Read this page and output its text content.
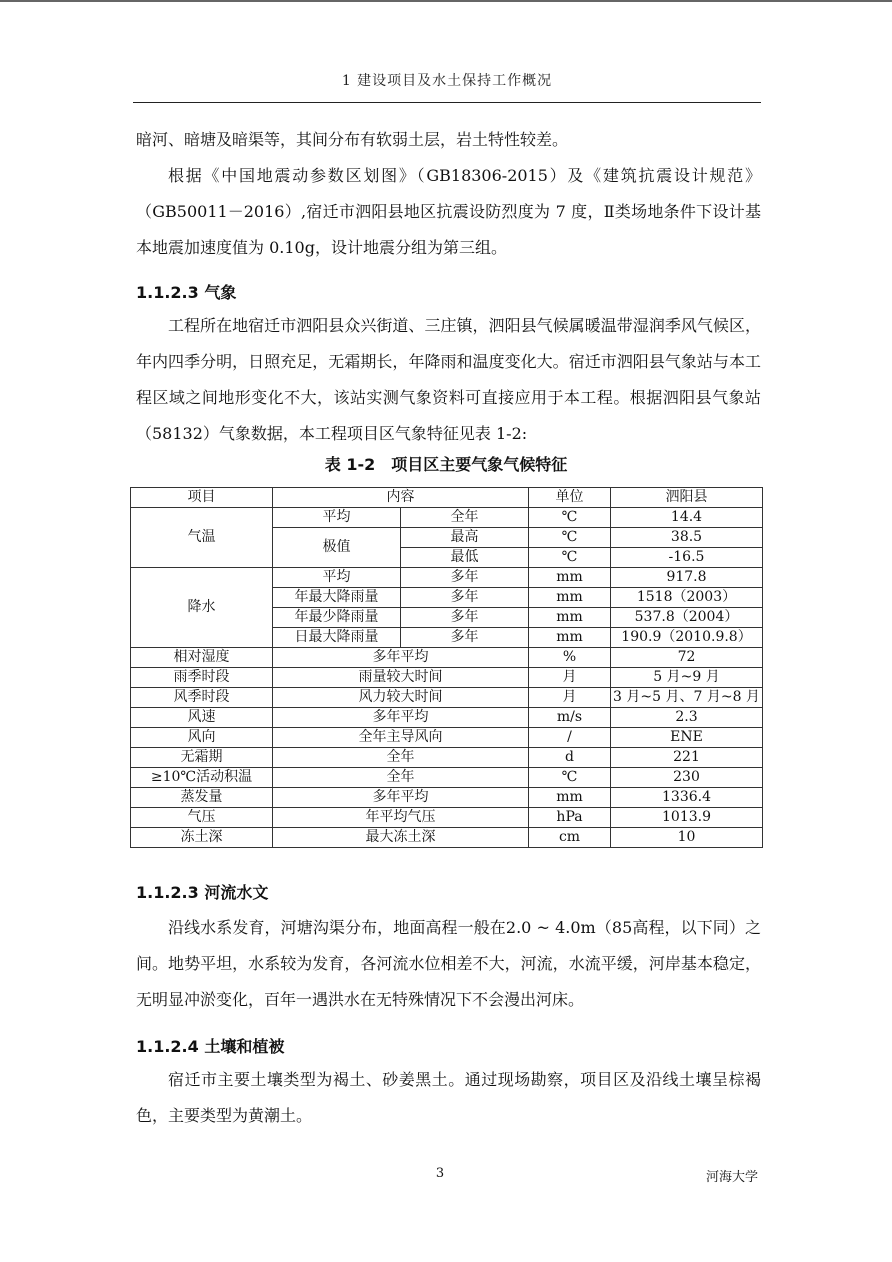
1 建设项目及水土保持工作概况
暗河、暗塘及暗渠等，其间分布有软弱土层，岩土特性较差。
根据《中国地震动参数区划图》（GB18306-2015）及《建筑抗震设计规范》（GB50011－2016）,宿迁市泗阳县地区抗震设防烈度为 7 度，Ⅱ类场地条件下设计基本地震加速度值为 0.10g，设计地震分组为第三组。
1.1.2.3 气象
工程所在地宿迁市泗阳县众兴街道、三庄镇，泗阳县气候属暖温带湿润季风气候区，年内四季分明，日照充足，无霜期长，年降雨和温度变化大。宿迁市泗阳县气象站与本工程区域之间地形变化不大，该站实测气象资料可直接应用于本工程。根据泗阳县气象站（58132）气象数据，本工程项目区气象特征见表 1-2:
表 1-2　项目区主要气象气候特征
项目	内容		单位	泗阳县
气温	平均	全年	℃	14.4
	极值	最高	℃	38.5
		最低	℃	-16.5
降水	平均	多年	mm	917.8
	年最大降雨量	多年	mm	1518（2003）
	年最少降雨量	多年	mm	537.8（2004）
	日最大降雨量	多年	mm	190.9（2010.9.8）
相对湿度	多年平均		%	72
雨季时段	雨量较大时间		月	5 月~9 月
风季时段	风力较大时间		月	3 月~5 月、7 月~8 月
风速	多年平均		m/s	2.3
风向	全年主导风向		/	ENE
无霜期	全年		d	221
≥10℃活动积温	全年		℃	230
蒸发量	多年平均		mm	1336.4
气压	年平均气压		hPa	1013.9
冻土深	最大冻土深		cm	10
1.1.2.3 河流水文
沿线水系发育，河塘沟渠分布，地面高程一般在2.0 ~ 4.0m（85高程，以下同）之间。地势平坦，水系较为发育，各河流水位相差不大，河流，水流平缓，河岸基本稳定，无明显冲淤变化，百年一遇洪水在无特殊情况下不会漫出河床。
1.1.2.4 土壤和植被
宿迁市主要土壤类型为褐土、砂姜黑土。通过现场勘察，项目区及沿线土壤呈棕褐色，主要类型为黄潮土。
3	河海大学
